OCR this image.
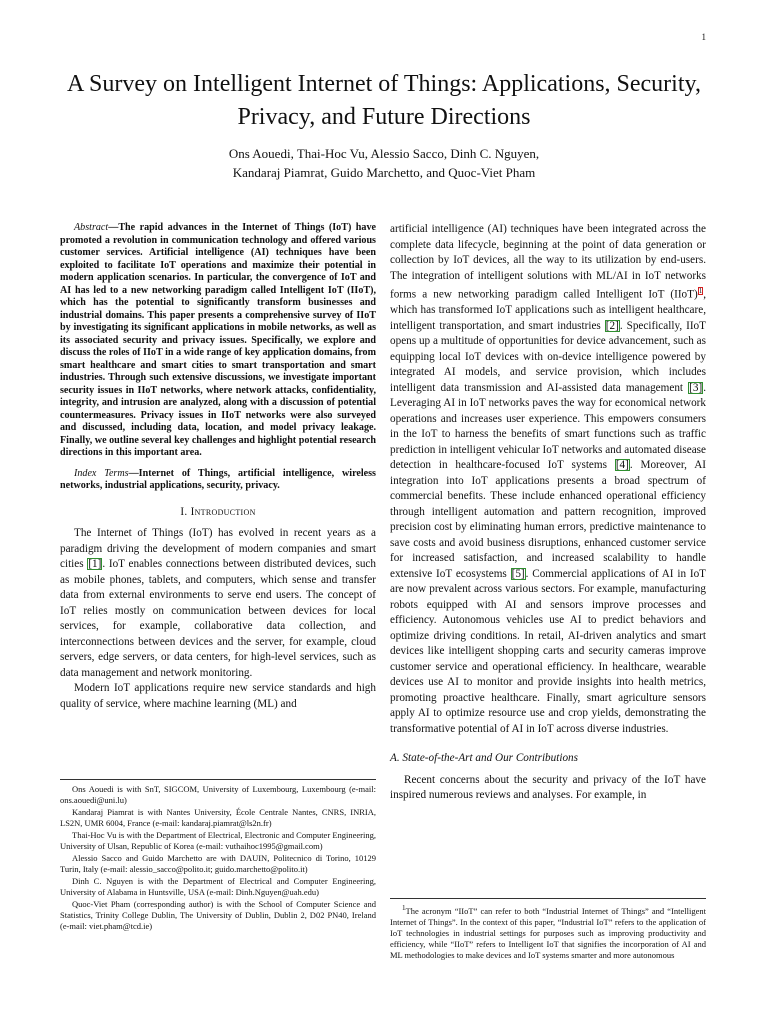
1
A Survey on Intelligent Internet of Things: Applications, Security, Privacy, and Future Directions
Ons Aouedi, Thai-Hoc Vu, Alessio Sacco, Dinh C. Nguyen,
Kandaraj Piamrat, Guido Marchetto, and Quoc-Viet Pham

Abstract—The rapid advances in the Internet of Things (IoT) have promoted a revolution in communication technology and offered various customer services. Artificial intelligence (AI) techniques have been exploited to facilitate IoT operations and maximize their potential in modern application scenarios. In particular, the convergence of IoT and AI has led to a new networking paradigm called Intelligent IoT (IIoT), which has the potential to significantly transform businesses and industrial domains. This paper presents a comprehensive survey of IIoT by investigating its significant applications in mobile networks, as well as its associated security and privacy issues. Specifically, we explore and discuss the roles of IIoT in a wide range of key application domains, from smart healthcare and smart cities to smart transportation and smart industries. Through such extensive discussions, we investigate important security issues in IIoT networks, where network attacks, confidentiality, integrity, and intrusion are analyzed, along with a discussion of potential countermeasures. Privacy issues in IIoT networks were also surveyed and discussed, including data, location, and model privacy leakage. Finally, we outline several key challenges and highlight potential research directions in this important area.

Index Terms—Internet of Things, artificial intelligence, wireless networks, industrial applications, security, privacy.

I. Introduction

The Internet of Things (IoT) has evolved in recent years as a paradigm driving the development of modern companies and smart cities [1]. IoT enables connections between distributed devices, such as mobile phones, tablets, and computers, which sense and transfer data from external environments to serve end users. The concept of IoT relies mostly on communication between devices for local services, for example, collaborative data collection, and interconnections between devices and the server, for example, cloud servers, edge servers, or data centers, for high-level services, such as data management and network monitoring.

Modern IoT applications require new service standards and high quality of service, where machine learning (ML) and

Ons Aouedi is with SnT, SIGCOM, University of Luxembourg, Luxembourg (e-mail: ons.aouedi@uni.lu)

Kandaraj Piamrat is with Nantes University, École Centrale Nantes, CNRS, INRIA, LS2N, UMR 6004, France (e-mail: kandaraj.piamrat@ls2n.fr)

Thai-Hoc Vu is with the Department of Electrical, Electronic and Computer Engineering, University of Ulsan, Republic of Korea (e-mail: vuthaihoc1995@gmail.com)

Alessio Sacco and Guido Marchetto are with DAUIN, Politecnico di Torino, 10129 Turin, Italy (e-mail: alessio_sacco@polito.it; guido.marchetto@polito.it)

Dinh C. Nguyen is with the Department of Electrical and Computer Engineering, University of Alabama in Huntsville, USA (e-mail: Dinh.Nguyen@uah.edu)

Quoc-Viet Pham (corresponding author) is with the School of Computer Science and Statistics, Trinity College Dublin, The University of Dublin, Dublin 2, D02 PN40, Ireland (e-mail: viet.pham@tcd.ie)

artificial intelligence (AI) techniques have been integrated across the complete data lifecycle, beginning at the point of data generation or collection by IoT devices, all the way to its utilization by end-users. The integration of intelligent solutions with ML/AI in IoT networks forms a new networking paradigm called Intelligent IoT (IIoT)$^1$, which has transformed IoT applications such as intelligent healthcare, intelligent transportation, and smart industries [2]. Specifically, IIoT opens up a multitude of opportunities for device advancement, such as equipping local IoT devices with on-device intelligence powered by integrated AI models, and service provision, which includes intelligent data transmission and AI-assisted data management [3]. Leveraging AI in IoT networks paves the way for economical network operations and increases user experience. This empowers consumers in the IoT to harness the benefits of smart functions such as traffic prediction in intelligent vehicular IoT networks and automated disease detection in healthcare-focused IoT systems [4]. Moreover, AI integration into IoT applications presents a broad spectrum of commercial benefits. These include enhanced operational efficiency through intelligent automation and pattern recognition, improved precision cost by eliminating human errors, predictive maintenance to save costs and avoid business disruptions, enhanced customer service for increased satisfaction, and increased scalability to handle extensive IoT ecosystems [5]. Commercial applications of AI in IoT are now prevalent across various sectors. For example, manufacturing robots equipped with AI and sensors improve processes and efficiency. Autonomous vehicles use AI to predict behaviors and optimize driving conditions. In retail, AI-driven analytics and smart devices like intelligent shopping carts and security cameras improve customer service and operational efficiency. In healthcare, wearable devices use AI to monitor and provide insights into health metrics, promoting proactive healthcare. Finally, smart agriculture sensors apply AI to optimize resource use and crop yields, demonstrating the transformative potential of AI in IoT across diverse industries.

A. State-of-the-Art and Our Contributions

Recent concerns about the security and privacy of the IoT have inspired numerous reviews and analyses. For example, in

$^1$The acronym “IIoT” can refer to both “Industrial Internet of Things” and “Intelligent Internet of Things”. In the context of this paper, “Industrial IoT” refers to the application of IoT technologies in industrial settings for purposes such as improving productivity and efficiency, while “IIoT” refers to Intelligent IoT that signifies the incorporation of AI and ML methodologies to make devices and IoT systems smarter and more autonomous
